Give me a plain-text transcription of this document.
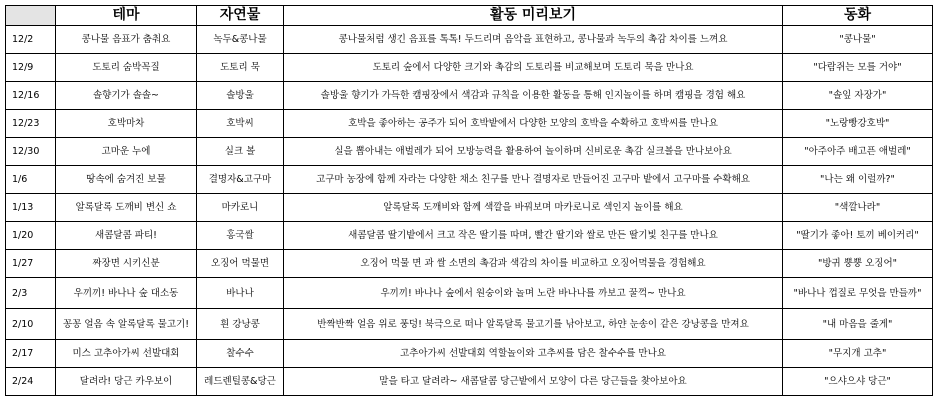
	테마	자연물	활동 미리보기	동화
12/2	콩나물 음표가 춤춰요	녹두&콩나물	콩나물처럼 생긴 음표를 톡톡! 두드리며 음악을 표현하고, 콩나물과 녹두의 촉감 차이를 느껴요	"콩나물"
12/9	도토리 숨박꼭질	도토리 묵	도토리 숲에서 다양한 크기와 촉감의 도토리를 비교해보며 도토리 묵을 만나요	"다람쥐는 모를 거야"
12/16	솔향기가 솔솔~	솔방울	솔방울 향기가 가득한 캠핑장에서 색감과 규칙을 이용한 활동을 통해 인지놀이를 하며 캠핑을 경험 해요	"솔잎 자장가"
12/23	호박마차	호박씨	호박을 좋아하는 공주가 되어 호박밭에서 다양한 모양의 호박을 수확하고 호박씨를 만나요	"노랑빵강호박"
12/30	고마운 누에	실크 볼	실을 뽑아내는 애벌레가 되어 모방능력을 활용하여 놀이하며 신비로운 촉감 실크볼을 만나보아요	"아주아주 배고픈 애벌레"
1/6	땅속에 숨겨진 보물	결명자&고구마	고구마 농장에 함께 자라는 다양한 채소 친구를 만나 결명자로 만들어진 고구마 밭에서 고구마를 수확해요	"나는 왜 이럴까?"
1/13	알록달록 도깨비 변신 쇼	마카로니	알록달록 도깨비와 함께 색깔을 바꿔보며 마카로니로 색인지 놀이를 해요	"색깔나라"
1/20	새콤달콤 파티!	홍국쌀	새콤달콤 딸기밭에서 크고 작은 딸기를 따며, 빨간 딸기와 쌀로 만든 딸기빛 친구를 만나요	"딸기가 좋아! 토끼 베이커리"
1/27	짜장면 시키신분	오징어 먹물면	오징어 먹물 면 과 쌀 소면의 촉감과 색감의 차이를 비교하고 오징어먹물을 경험해요	"방귀 뿡뿡 오징어"
2/3	우끼끼! 바나나 숲 대소동	바나나	우끼끼! 바나나 숲에서 원숭이와 놀며 노란 바나나를 까보고 꿀꺽~ 만나요	"바나나 껍질로 무엇을 만들까"
2/10	꽁꽁 얼음 속 알록달록 물고기!	흰 강낭콩	반짝반짝 얼음 위로 풍덩! 북극으로 떠나 알록달록 물고기를 낚아보고, 하얀 눈송이 같은 강낭콩을 만져요	"내 마음을 줄게"
2/17	미스 고추아가씨 선발대회	찰수수	고추아가씨 선발대회 역할놀이와 고추씨를 담은 찰수수를 만나요	"무지개 고추"
2/24	달려라! 당근 카우보이	레드렌틸콩&당근	말을 타고 달려라~ 새콤달콤 당근밭에서 모양이 다른 당근들을 찾아보아요	"으샤으샤 당근"
